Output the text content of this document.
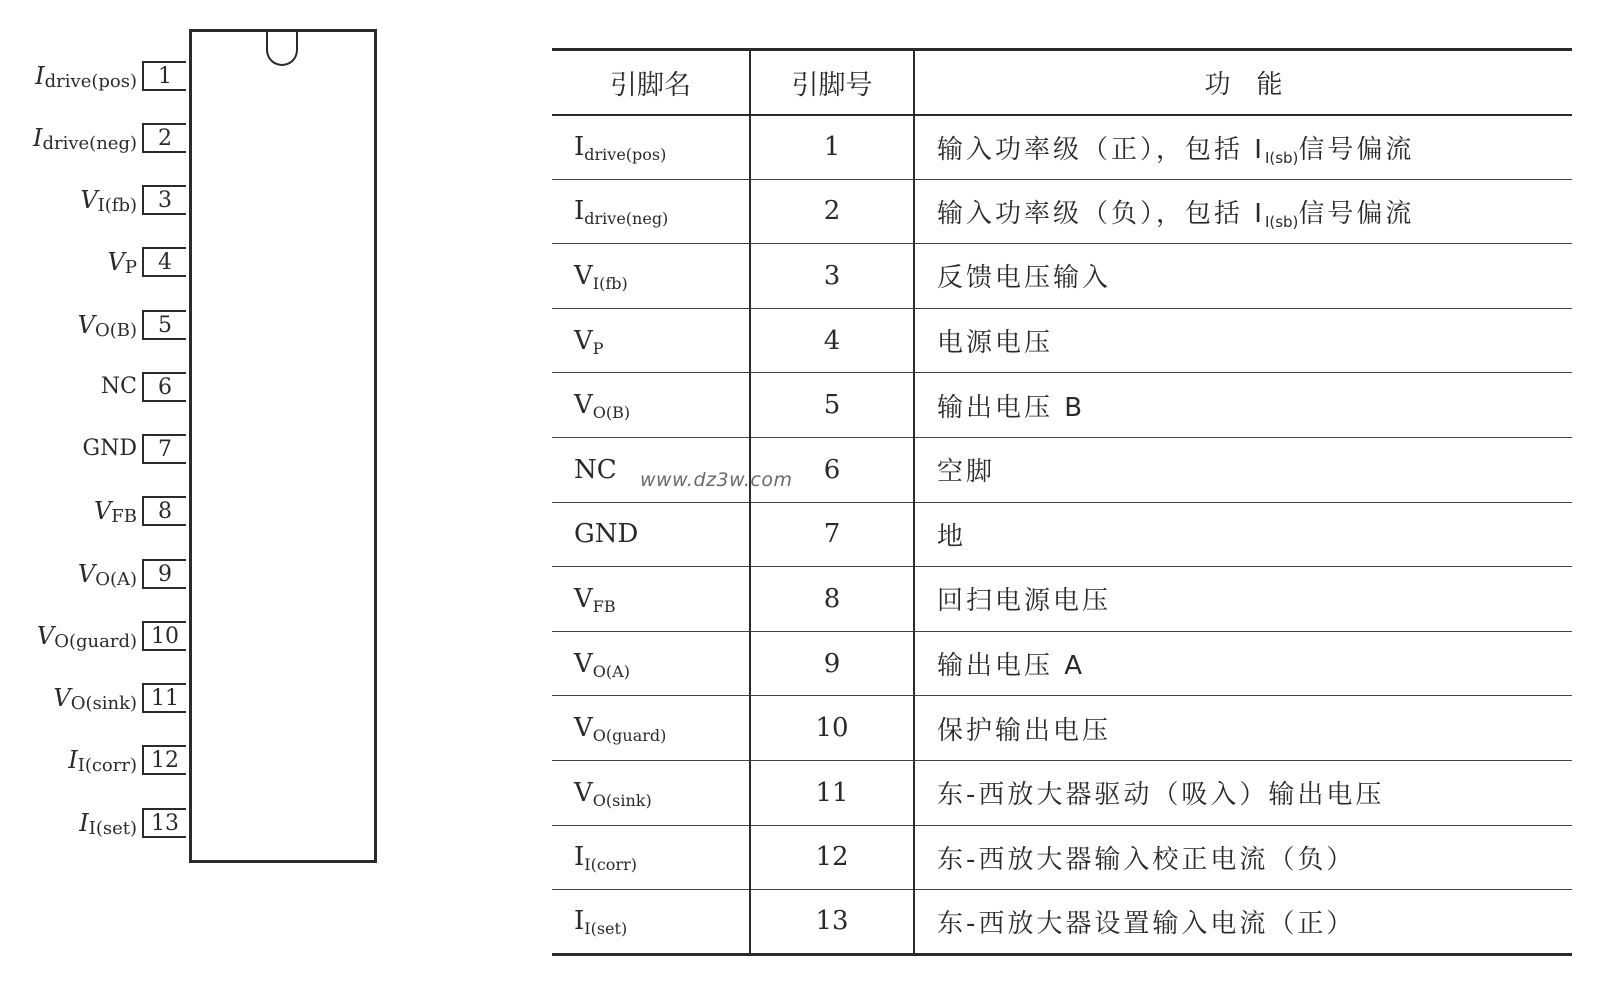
$I_{drive(pos)}$ 1
$I_{drive(neg)}$ 2
$V_{I(fb)}$ 3
$V_P$ 4
$V_{O(B)}$ 5
NC 6
GND 7
$V_{FB}$ 8
$V_{O(A)}$ 9
$V_{O(guard)}$ 10
$V_{O(sink)}$ 11
$I_{I(corr)}$ 12
$I_{I(set)}$ 13
引脚名	引脚号	功　能
$I_{drive(pos)}$	1	输入功率级（正），包括 $I_{I(sb)}$信号偏流
$I_{drive(neg)}$	2	输入功率级（负），包括 $I_{I(sb)}$信号偏流
$V_{I(fb)}$	3	反馈电压输入
$V_P$	4	电源电压
$V_{O(B)}$	5	输出电压 B
NC	6	空脚
GND	7	地
$V_{FB}$	8	回扫电源电压
$V_{O(A)}$	9	输出电压 A
$V_{O(guard)}$	10	保护输出电压
$V_{O(sink)}$	11	东-西放大器驱动（吸入）输出电压
$I_{I(corr)}$	12	东-西放大器输入校正电流（负）
$I_{I(set)}$	13	东-西放大器设置输入电流（正）
www.dz3w.com
